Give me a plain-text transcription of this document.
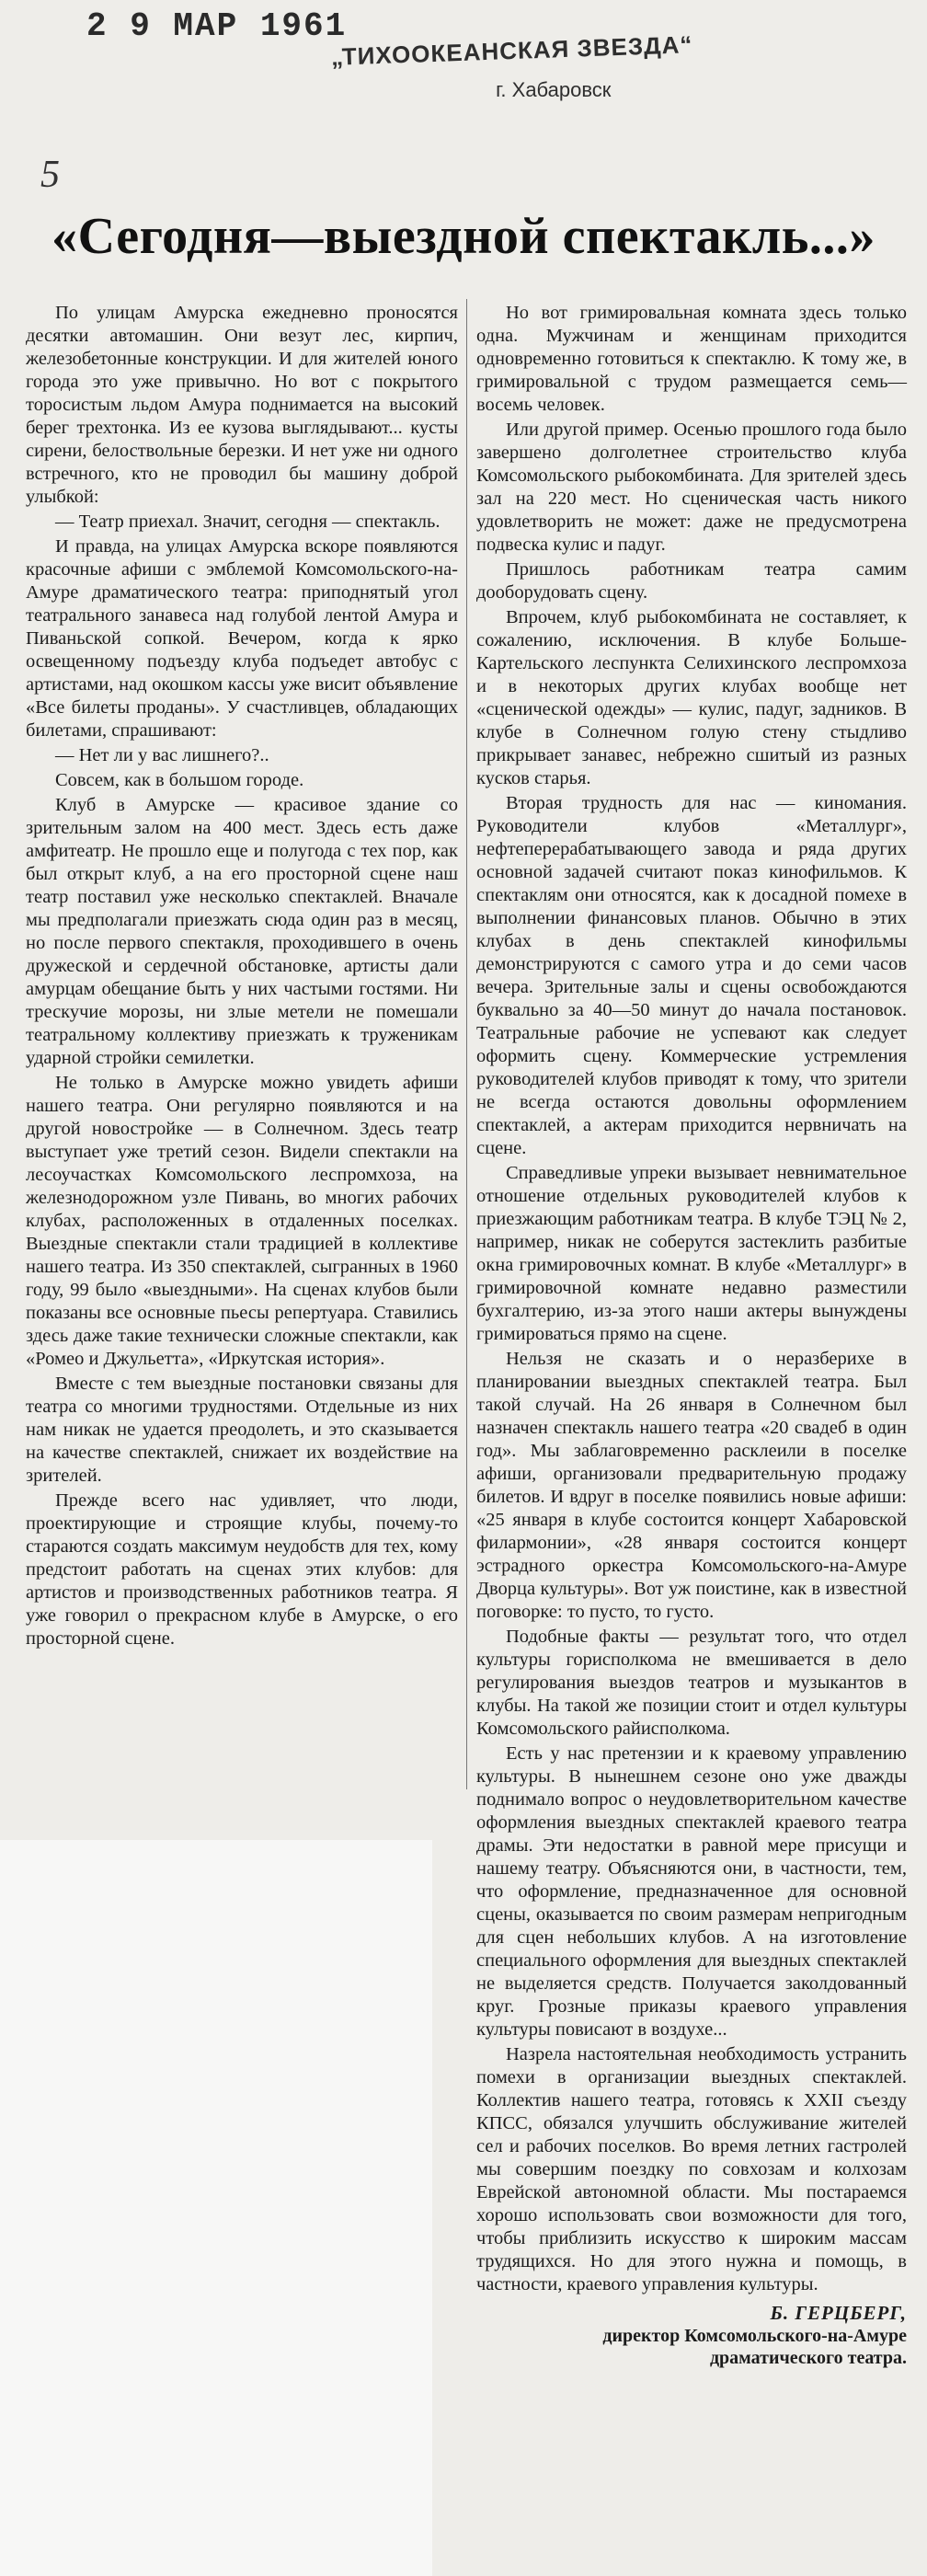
2 9 МАР 1961
„ТИХООКЕАНСКАЯ ЗВЕЗДА“
г. Хабаровск
5
«Сегодня—выездной спектакль...»

По улицам Амурска ежедневно проносятся десятки автомашин. Они везут лес, кирпич, железобетонные конструкции. И для жителей юного города это уже привычно. Но вот с покрытого торосистым льдом Амура поднимается на высокий берег трехтонка. Из ее кузова выглядывают... кусты сирени, белоствольные березки. И нет уже ни одного встречного, кто не проводил бы машину доброй улыбкой:

— Театр приехал. Значит, сегодня — спектакль.

И правда, на улицах Амурска вскоре появляются красочные афиши с эмблемой Комсомольского-на-Амуре драматического театра: приподнятый угол театрального занавеса над голубой лентой Амура и Пиваньской сопкой. Вечером, когда к ярко освещенному подъезду клуба подъедет автобус с артистами, над окошком кассы уже висит объявление «Все билеты проданы». У счастливцев, обладающих билетами, спрашивают:

— Нет ли у вас лишнего?..

Совсем, как в большом городе.

Клуб в Амурске — красивое здание со зрительным залом на 400 мест. Здесь есть даже амфитеатр. Не прошло еще и полугода с тех пор, как был открыт клуб, а на его просторной сцене наш театр поставил уже несколько спектаклей. Вначале мы предполагали приезжать сюда один раз в месяц, но после первого спектакля, проходившего в очень дружеской и сердечной обстановке, артисты дали амурцам обещание быть у них частыми гостями. Ни трескучие морозы, ни злые метели не помешали театральному коллективу приезжать к труженикам ударной стройки семилетки.

Не только в Амурске можно увидеть афиши нашего театра. Они регулярно появляются и на другой новостройке — в Солнечном. Здесь театр выступает уже третий сезон. Видели спектакли на лесоучастках Комсомольского леспромхоза, на железнодорожном узле Пивань, во многих рабочих клубах, расположенных в отдаленных поселках. Выездные спектакли стали традицией в коллективе нашего театра. Из 350 спектаклей, сыгранных в 1960 году, 99 было «выездными». На сценах клубов были показаны все основные пьесы репертуара. Ставились здесь даже такие технически сложные спектакли, как «Ромео и Джульетта», «Иркутская история».

Вместе с тем выездные постановки связаны для театра со многими трудностями. Отдельные из них нам никак не удается преодолеть, и это сказывается на качестве спектаклей, снижает их воздействие на зрителей.

Прежде всего нас удивляет, что люди, проектирующие и строящие клубы, почему-то стараются создать максимум неудобств для тех, кому предстоит работать на сценах этих клубов: для артистов и производственных работников театра. Я уже говорил о прекрасном клубе в Амурске, о его просторной сцене.

Но вот гримировальная комната здесь только одна. Мужчинам и женщинам приходится одновременно готовиться к спектаклю. К тому же, в гримировальной с трудом размещается семь—восемь человек.

Или другой пример. Осенью прошлого года было завершено долголетнее строительство клуба Комсомольского рыбокомбината. Для зрителей здесь зал на 220 мест. Но сценическая часть никого удовлетворить не может: даже не предусмотрена подвеска кулис и падуг.

Пришлось работникам театра самим дооборудовать сцену.

Впрочем, клуб рыбокомбината не составляет, к сожалению, исключения. В клубе Больше-Картельского леспункта Селихинского леспромхоза и в некоторых других клубах вообще нет «сценической одежды» — кулис, падуг, задников. В клубе в Солнечном голую стену стыдливо прикрывает занавес, небрежно сшитый из разных кусков старья.

Вторая трудность для нас — киномания. Руководители клубов «Металлург», нефтеперерабатывающего завода и ряда других основной задачей считают показ кинофильмов. К спектаклям они относятся, как к досадной помехе в выполнении финансовых планов. Обычно в этих клубах в день спектаклей кинофильмы демонстрируются с самого утра и до семи часов вечера. Зрительные залы и сцены освобождаются буквально за 40—50 минут до начала постановок. Театральные рабочие не успевают как следует оформить сцену. Коммерческие устремления руководителей клубов приводят к тому, что зрители не всегда остаются довольны оформлением спектаклей, а актерам приходится нервничать на сцене.

Справедливые упреки вызывает невнимательное отношение отдельных руководителей клубов к приезжающим работникам театра. В клубе ТЭЦ № 2, например, никак не соберутся застеклить разбитые окна гримировочных комнат. В клубе «Металлург» в гримировочной комнате недавно разместили бухгалтерию, из-за этого наши актеры вынуждены гримироваться прямо на сцене.

Нельзя не сказать и о неразберихе в планировании выездных спектаклей театра. Был такой случай. На 26 января в Солнечном был назначен спектакль нашего театра «20 свадеб в один год». Мы заблаговременно расклеили в поселке афиши, организовали предварительную продажу билетов. И вдруг в поселке появились новые афиши: «25 января в клубе состоится концерт Хабаровской филармонии», «28 января состоится концерт эстрадного оркестра Комсомольского-на-Амуре Дворца культуры». Вот уж поистине, как в известной поговорке: то пусто, то густо.

Подобные факты — результат того, что отдел культуры горисполкома не вмешивается в дело регулирования выездов театров и музыкантов в клубы. На такой же позиции стоит и отдел культуры Комсомольского райисполкома.

Есть у нас претензии и к краевому управлению культуры. В нынешнем сезоне оно уже дважды поднимало вопрос о неудовлетворительном качестве оформления выездных спектаклей краевого театра драмы. Эти недостатки в равной мере присущи и нашему театру. Объясняются они, в частности, тем, что оформление, предназначенное для основной сцены, оказывается по своим размерам непригодным для сцен небольших клубов. А на изготовление специального оформления для выездных спектаклей не выделяется средств. Получается заколдованный круг. Грозные приказы краевого управления культуры повисают в воздухе...

Назрела настоятельная необходимость устранить помехи в организации выездных спектаклей. Коллектив нашего театра, готовясь к XXII съезду КПСС, обязался улучшить обслуживание жителей сел и рабочих поселков. Во время летних гастролей мы совершим поездку по совхозам и колхозам Еврейской автономной области. Мы постараемся хорошо использовать свои возможности для того, чтобы приблизить искусство к широким массам трудящихся. Но для этого нужна и помощь, в частности, краевого управления культуры.

Б. ГЕРЦБЕРГ,
директор Комсомольского-на-Амуре драматического театра.
